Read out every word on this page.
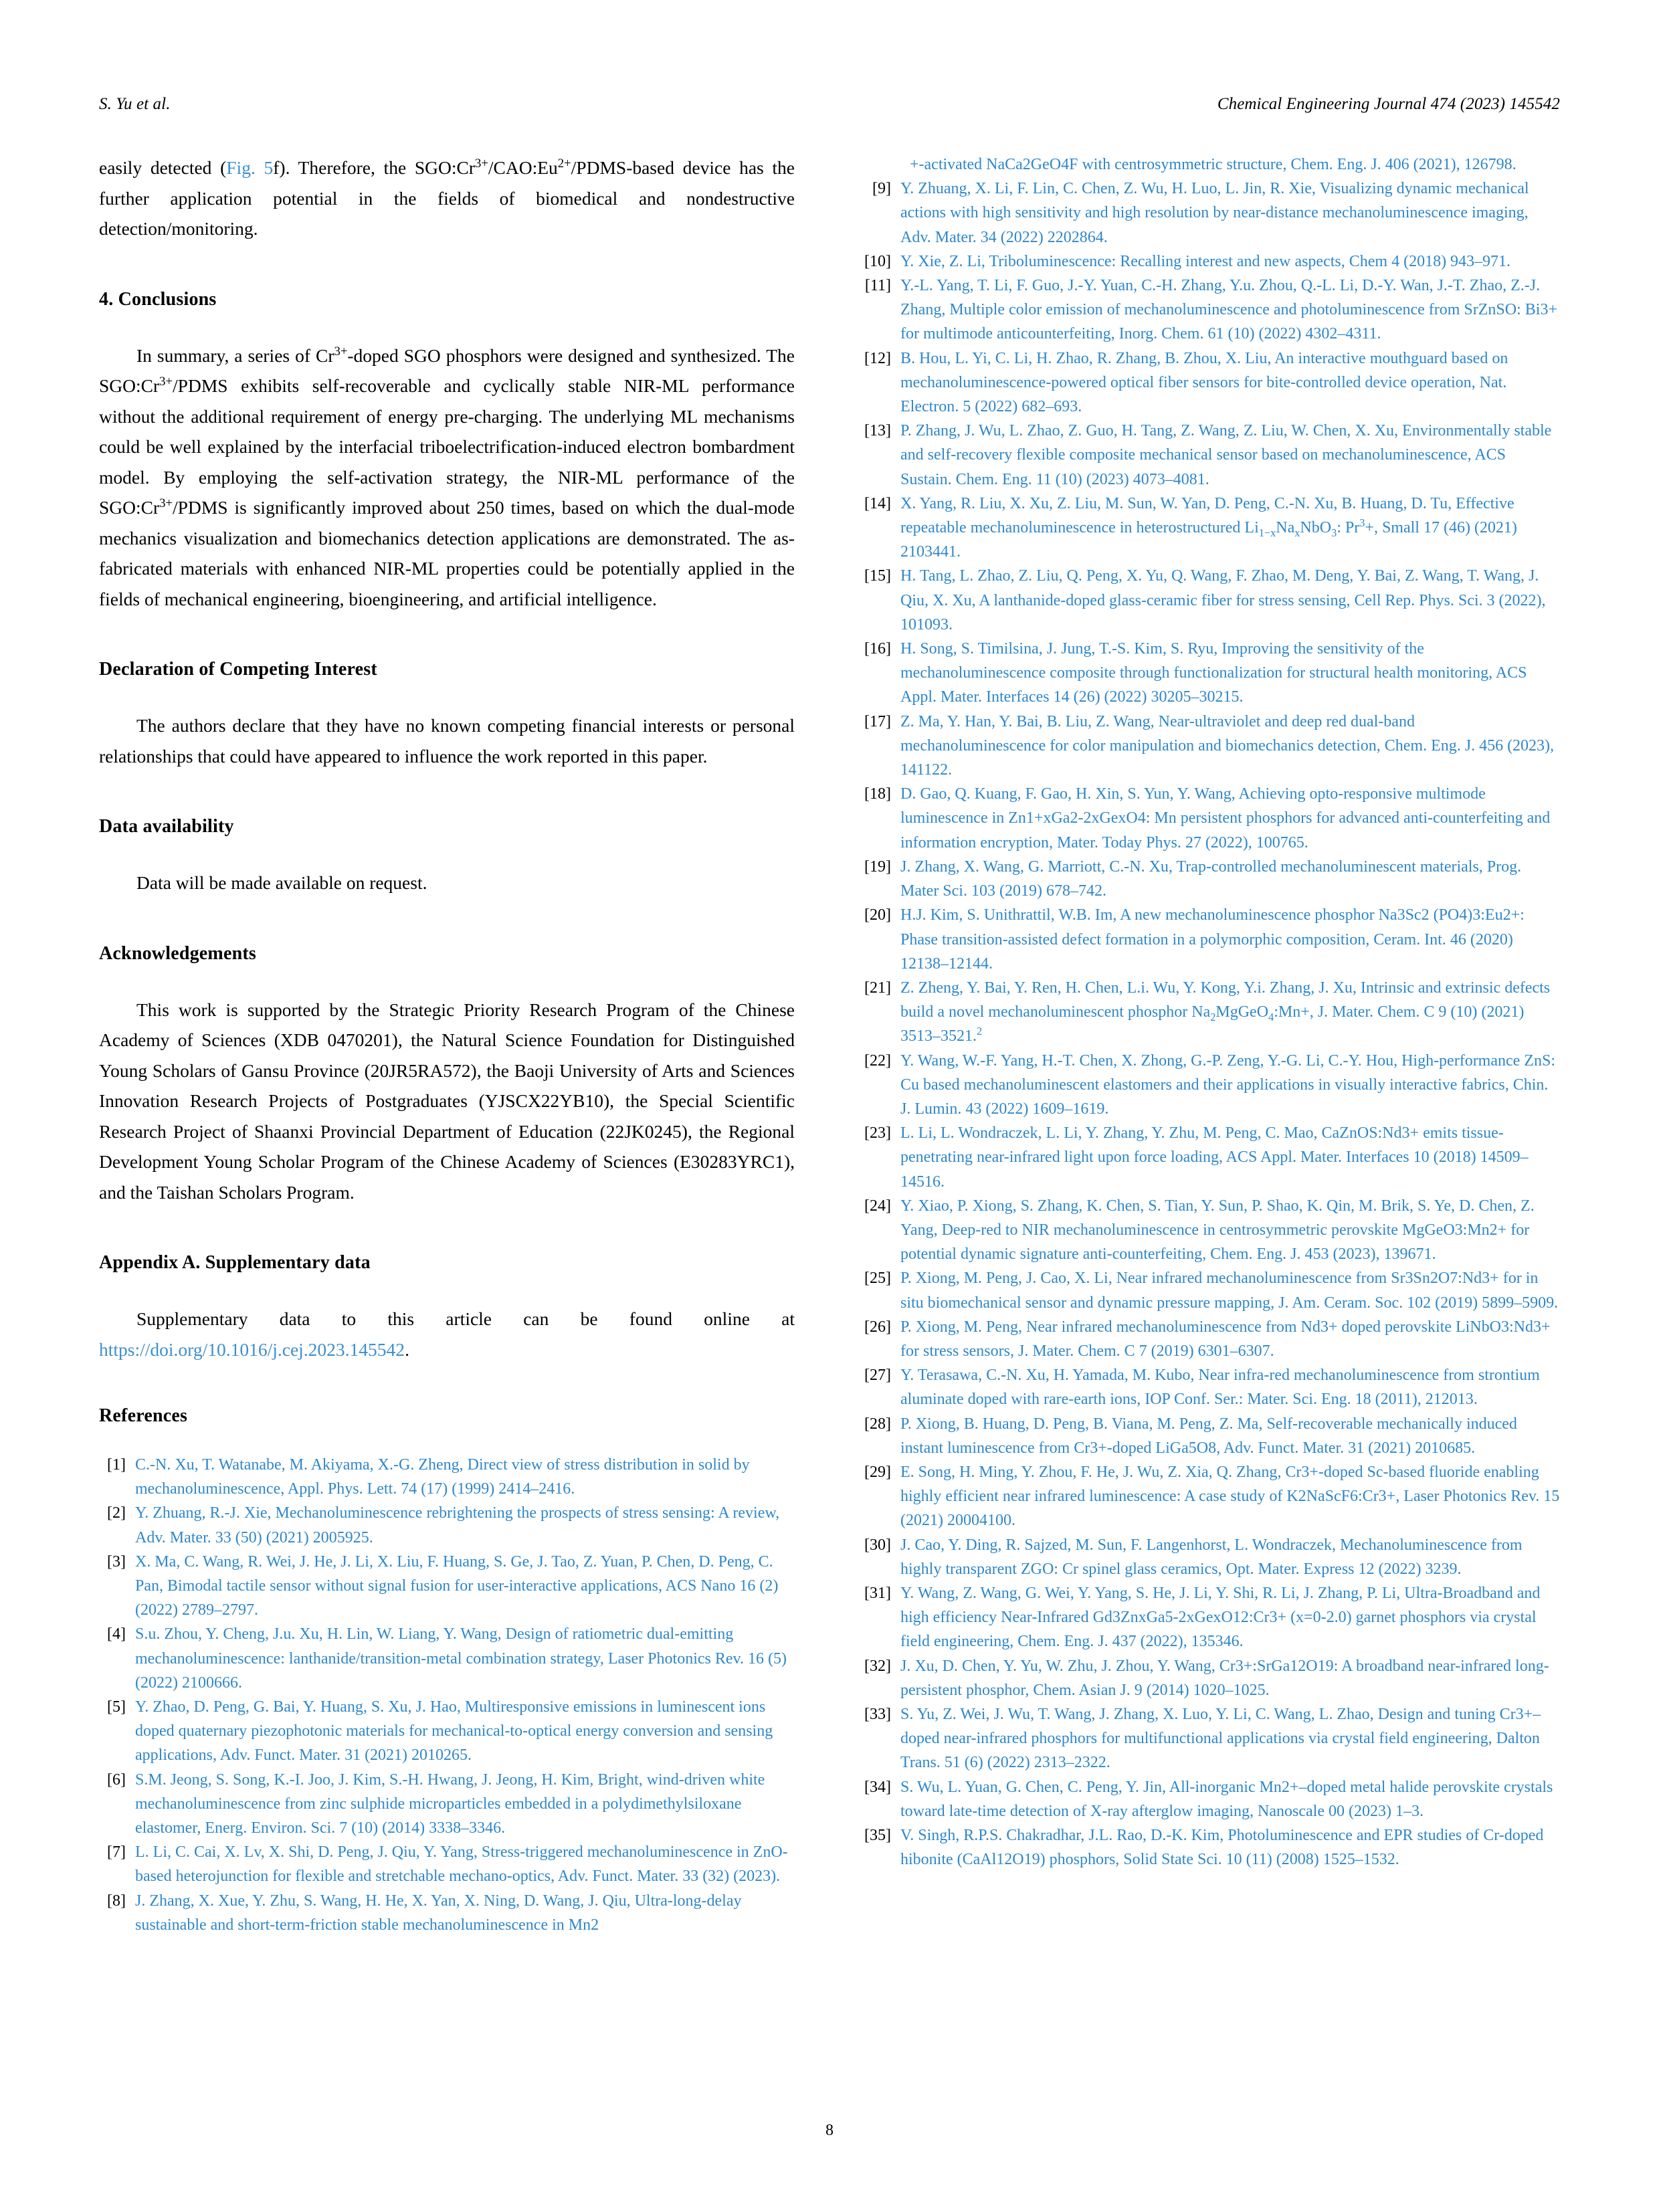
S. Yu et al.	Chemical Engineering Journal 474 (2023) 145542

easily detected (Fig. 5f). Therefore, the $SGO:Cr^{3+}/CAO:Eu^{2+}/PDMS$-based device has the further application potential in the fields of biomedical and nondestructive detection/monitoring.

4. Conclusions

In summary, a series of $Cr^{3+}$-doped SGO phosphors were designed and synthesized. The $SGO:Cr^{3+}$/PDMS exhibits self-recoverable and cyclically stable NIR-ML performance without the additional requirement of energy pre-charging. The underlying ML mechanisms could be well explained by the interfacial triboelectrification-induced electron bombardment model. By employing the self-activation strategy, the NIR-ML performance of the $SGO:Cr^{3+}$/PDMS is significantly improved about 250 times, based on which the dual-mode mechanics visualization and biomechanics detection applications are demonstrated. The as-fabricated materials with enhanced NIR-ML properties could be potentially applied in the fields of mechanical engineering, bioengineering, and artificial intelligence.

Declaration of Competing Interest

The authors declare that they have no known competing financial interests or personal relationships that could have appeared to influence the work reported in this paper.

Data availability

Data will be made available on request.

Acknowledgements

This work is supported by the Strategic Priority Research Program of the Chinese Academy of Sciences (XDB 0470201), the Natural Science Foundation for Distinguished Young Scholars of Gansu Province (20JR5RA572), the Baoji University of Arts and Sciences Innovation Research Projects of Postgraduates (YJSCX22YB10), the Special Scientific Research Project of Shaanxi Provincial Department of Education (22JK0245), the Regional Development Young Scholar Program of the Chinese Academy of Sciences (E30283YRC1), and the Taishan Scholars Program.

Appendix A. Supplementary data

Supplementary data to this article can be found online at https://doi.org/10.1016/j.cej.2023.145542.

References
[1] C.-N. Xu, T. Watanabe, M. Akiyama, X.-G. Zheng, Direct view of stress distribution in solid by mechanoluminescence, Appl. Phys. Lett. 74 (17) (1999) 2414–2416.
[2] Y. Zhuang, R.-J. Xie, Mechanoluminescence rebrightening the prospects of stress sensing: A review, Adv. Mater. 33 (50) (2021) 2005925.
[3] X. Ma, C. Wang, R. Wei, J. He, J. Li, X. Liu, F. Huang, S. Ge, J. Tao, Z. Yuan, P. Chen, D. Peng, C. Pan, Bimodal tactile sensor without signal fusion for user-interactive applications, ACS Nano 16 (2) (2022) 2789–2797.
[4] S.u. Zhou, Y. Cheng, J.u. Xu, H. Lin, W. Liang, Y. Wang, Design of ratiometric dual-emitting mechanoluminescence: lanthanide/transition-metal combination strategy, Laser Photonics Rev. 16 (5) (2022) 2100666.
[5] Y. Zhao, D. Peng, G. Bai, Y. Huang, S. Xu, J. Hao, Multiresponsive emissions in luminescent ions doped quaternary piezophotonic materials for mechanical-to-optical energy conversion and sensing applications, Adv. Funct. Mater. 31 (2021) 2010265.
[6] S.M. Jeong, S. Song, K.-I. Joo, J. Kim, S.-H. Hwang, J. Jeong, H. Kim, Bright, wind-driven white mechanoluminescence from zinc sulphide microparticles embedded in a polydimethylsiloxane elastomer, Energ. Environ. Sci. 7 (10) (2014) 3338–3346.
[7] L. Li, C. Cai, X. Lv, X. Shi, D. Peng, J. Qiu, Y. Yang, Stress-triggered mechanoluminescence in ZnO-based heterojunction for flexible and stretchable mechano-optics, Adv. Funct. Mater. 33 (32) (2023).
[8] J. Zhang, X. Xue, Y. Zhu, S. Wang, H. He, X. Yan, X. Ning, D. Wang, J. Qiu, Ultra-long-delay sustainable and short-term-friction stable mechanoluminescence in Mn2

+-activated NaCa2GeO4F with centrosymmetric structure, Chem. Eng. J. 406 (2021), 126798.

[9] Y. Zhuang, X. Li, F. Lin, C. Chen, Z. Wu, H. Luo, L. Jin, R. Xie, Visualizing dynamic mechanical actions with high sensitivity and high resolution by near-distance mechanoluminescence imaging, Adv. Mater. 34 (2022) 2202864.
[10] Y. Xie, Z. Li, Triboluminescence: Recalling interest and new aspects, Chem 4 (2018) 943–971.
[11] Y.-L. Yang, T. Li, F. Guo, J.-Y. Yuan, C.-H. Zhang, Y.u. Zhou, Q.-L. Li, D.-Y. Wan, J.-T. Zhao, Z.-J. Zhang, Multiple color emission of mechanoluminescence and photoluminescence from SrZnSO: Bi3+ for multimode anticounterfeiting, Inorg. Chem. 61 (10) (2022) 4302–4311.
[12] B. Hou, L. Yi, C. Li, H. Zhao, R. Zhang, B. Zhou, X. Liu, An interactive mouthguard based on mechanoluminescence-powered optical fiber sensors for bite-controlled device operation, Nat. Electron. 5 (2022) 682–693.
[13] P. Zhang, J. Wu, L. Zhao, Z. Guo, H. Tang, Z. Wang, Z. Liu, W. Chen, X. Xu, Environmentally stable and self-recovery flexible composite mechanical sensor based on mechanoluminescence, ACS Sustain. Chem. Eng. 11 (10) (2023) 4073–4081.
[14] X. Yang, R. Liu, X. Xu, Z. Liu, M. Sun, W. Yan, D. Peng, C.-N. Xu, B. Huang, D. Tu, Effective repeatable mechanoluminescence in heterostructured $Li_{1-x}Na_xNbO_3$: $Pr^3+$, Small 17 (46) (2021) 2103441.
[15] H. Tang, L. Zhao, Z. Liu, Q. Peng, X. Yu, Q. Wang, F. Zhao, M. Deng, Y. Bai, Z. Wang, T. Wang, J. Qiu, X. Xu, A lanthanide-doped glass-ceramic fiber for stress sensing, Cell Rep. Phys. Sci. 3 (2022), 101093.
[16] H. Song, S. Timilsina, J. Jung, T.-S. Kim, S. Ryu, Improving the sensitivity of the mechanoluminescence composite through functionalization for structural health monitoring, ACS Appl. Mater. Interfaces 14 (26) (2022) 30205–30215.
[17] Z. Ma, Y. Han, Y. Bai, B. Liu, Z. Wang, Near-ultraviolet and deep red dual-band mechanoluminescence for color manipulation and biomechanics detection, Chem. Eng. J. 456 (2023), 141122.
[18] D. Gao, Q. Kuang, F. Gao, H. Xin, S. Yun, Y. Wang, Achieving opto-responsive multimode luminescence in Zn1+xGa2-2xGexO4: Mn persistent phosphors for advanced anti-counterfeiting and information encryption, Mater. Today Phys. 27 (2022), 100765.
[19] J. Zhang, X. Wang, G. Marriott, C.-N. Xu, Trap-controlled mechanoluminescent materials, Prog. Mater Sci. 103 (2019) 678–742.
[20] H.J. Kim, S. Unithrattil, W.B. Im, A new mechanoluminescence phosphor Na3Sc2 (PO4)3:Eu2+: Phase transition-assisted defect formation in a polymorphic composition, Ceram. Int. 46 (2020) 12138–12144.
[21] Z. Zheng, Y. Bai, Y. Ren, H. Chen, L.i. Wu, Y. Kong, Y.i. Zhang, J. Xu, Intrinsic and extrinsic defects build a novel mechanoluminescent phosphor $Na_2MgGeO_4:Mn+$, J. Mater. Chem. C 9 (10) (2021) 3513–3521.$^2$
[22] Y. Wang, W.-F. Yang, H.-T. Chen, X. Zhong, G.-P. Zeng, Y.-G. Li, C.-Y. Hou, High-performance ZnS: Cu based mechanoluminescent elastomers and their applications in visually interactive fabrics, Chin. J. Lumin. 43 (2022) 1609–1619.
[23] L. Li, L. Wondraczek, L. Li, Y. Zhang, Y. Zhu, M. Peng, C. Mao, CaZnOS:Nd3+ emits tissue-penetrating near-infrared light upon force loading, ACS Appl. Mater. Interfaces 10 (2018) 14509–14516.
[24] Y. Xiao, P. Xiong, S. Zhang, K. Chen, S. Tian, Y. Sun, P. Shao, K. Qin, M. Brik, S. Ye, D. Chen, Z. Yang, Deep-red to NIR mechanoluminescence in centrosymmetric perovskite MgGeO3:Mn2+ for potential dynamic signature anti-counterfeiting, Chem. Eng. J. 453 (2023), 139671.
[25] P. Xiong, M. Peng, J. Cao, X. Li, Near infrared mechanoluminescence from Sr3Sn2O7:Nd3+ for in situ biomechanical sensor and dynamic pressure mapping, J. Am. Ceram. Soc. 102 (2019) 5899–5909.
[26] P. Xiong, M. Peng, Near infrared mechanoluminescence from Nd3+ doped perovskite LiNbO3:Nd3+ for stress sensors, J. Mater. Chem. C 7 (2019) 6301–6307.
[27] Y. Terasawa, C.-N. Xu, H. Yamada, M. Kubo, Near infra-red mechanoluminescence from strontium aluminate doped with rare-earth ions, IOP Conf. Ser.: Mater. Sci. Eng. 18 (2011), 212013.
[28] P. Xiong, B. Huang, D. Peng, B. Viana, M. Peng, Z. Ma, Self-recoverable mechanically induced instant luminescence from Cr3+-doped LiGa5O8, Adv. Funct. Mater. 31 (2021) 2010685.
[29] E. Song, H. Ming, Y. Zhou, F. He, J. Wu, Z. Xia, Q. Zhang, Cr3+-doped Sc-based fluoride enabling highly efficient near infrared luminescence: A case study of K2NaScF6:Cr3+, Laser Photonics Rev. 15 (2021) 20004100.
[30] J. Cao, Y. Ding, R. Sajzed, M. Sun, F. Langenhorst, L. Wondraczek, Mechanoluminescence from highly transparent ZGO: Cr spinel glass ceramics, Opt. Mater. Express 12 (2022) 3239.
[31] Y. Wang, Z. Wang, G. Wei, Y. Yang, S. He, J. Li, Y. Shi, R. Li, J. Zhang, P. Li, Ultra-Broadband and high efficiency Near-Infrared Gd3ZnxGa5-2xGexO12:Cr3+ (x=0-2.0) garnet phosphors via crystal field engineering, Chem. Eng. J. 437 (2022), 135346.
[32] J. Xu, D. Chen, Y. Yu, W. Zhu, J. Zhou, Y. Wang, Cr3+:SrGa12O19: A broadband near-infrared long-persistent phosphor, Chem. Asian J. 9 (2014) 1020–1025.
[33] S. Yu, Z. Wei, J. Wu, T. Wang, J. Zhang, X. Luo, Y. Li, C. Wang, L. Zhao, Design and tuning Cr3+–doped near-infrared phosphors for multifunctional applications via crystal field engineering, Dalton Trans. 51 (6) (2022) 2313–2322.
[34] S. Wu, L. Yuan, G. Chen, C. Peng, Y. Jin, All-inorganic Mn2+–doped metal halide perovskite crystals toward late-time detection of X-ray afterglow imaging, Nanoscale 00 (2023) 1–3.
[35] V. Singh, R.P.S. Chakradhar, J.L. Rao, D.-K. Kim, Photoluminescence and EPR studies of Cr-doped hibonite (CaAl12O19) phosphors, Solid State Sci. 10 (11) (2008) 1525–1532.
8
